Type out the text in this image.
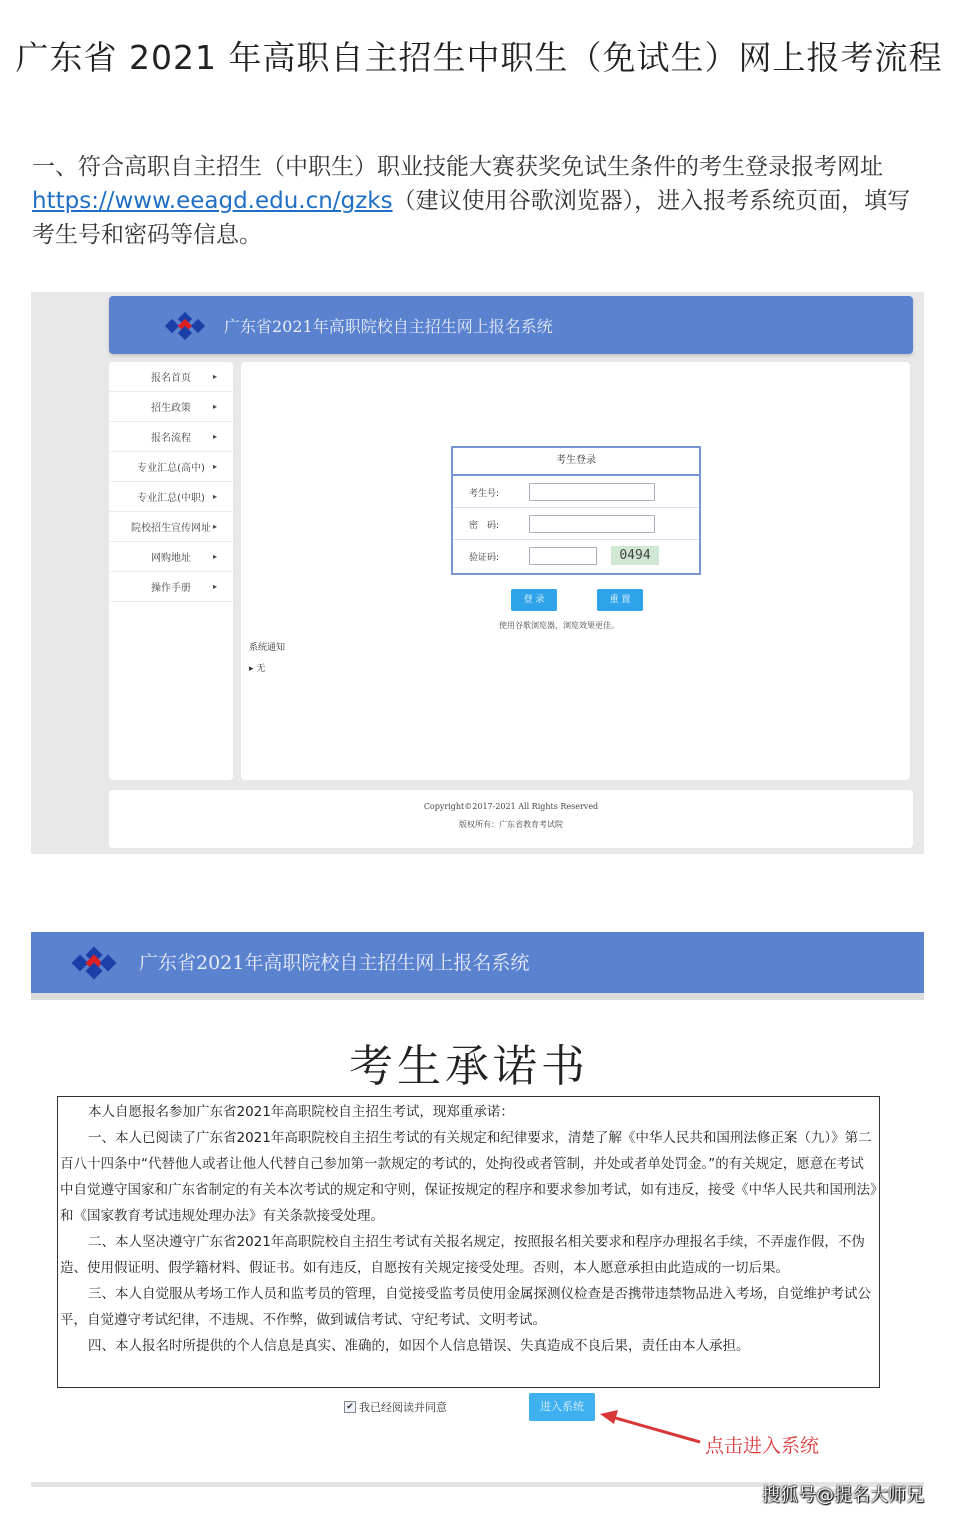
广东省 2021 年高职自主招生中职生（免试生）网上报考流程
一、符合高职自主招生（中职生）职业技能大赛获奖免试生条件的考生登录报考网址https://www.eeagd.edu.cn/gzks（建议使用谷歌浏览器），进入报考系统页面，填写考生号和密码等信息。
广东省2021年高职院校自主招生网上报名系统
报名首页
▸
招生政策
▸
报名流程
▸
专业汇总(高中)
▸
专业汇总(中职)
▸
院校招生宣传网址
▸
网购地址
▸
操作手册
▸
考生登录
考生号:
密　码:
验证码:	0494
登 录	重 置
使用谷歌浏览器，浏览效果更佳。
系统通知
▸ 无
Copyright©2017-2021 All Rights Reserved
版权所有：广东省教育考试院
广东省2021年高职院校自主招生网上报名系统
考生承诺书

本人自愿报名参加广东省2021年高职院校自主招生考试，现郑重承诺：

一、本人已阅读了广东省2021年高职院校自主招生考试的有关规定和纪律要求，清楚了解《中华人民共和国刑法修正案（九）》第二百八十四条中“代替他人或者让他人代替自己参加第一款规定的考试的，处拘役或者管制，并处或者单处罚金。”的有关规定，愿意在考试中自觉遵守国家和广东省制定的有关本次考试的规定和守则，保证按规定的程序和要求参加考试，如有违反，接受《中华人民共和国刑法》和《国家教育考试违规处理办法》有关条款接受处理。

二、本人坚决遵守广东省2021年高职院校自主招生考试有关报名规定，按照报名相关要求和程序办理报名手续，不弄虚作假，不伪造、使用假证明、假学籍材料、假证书。如有违反，自愿按有关规定接受处理。否则，本人愿意承担由此造成的一切后果。

三、本人自觉服从考场工作人员和监考员的管理，自觉接受监考员使用金属探测仪检查是否携带违禁物品进入考场，自觉维护考试公平，自觉遵守考试纪律，不违规、不作弊，做到诚信考试、守纪考试、文明考试。

四、本人报名时所提供的个人信息是真实、准确的，如因个人信息错误、失真造成不良后果，责任由本人承担。

✔ 我已经阅读并同意	进入系统
点击进入系统
搜狐号@提名大师兄
